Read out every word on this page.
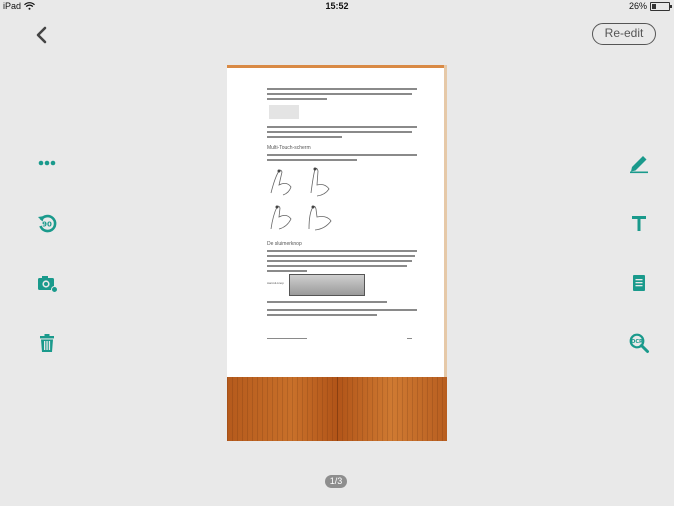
iPad	15:52	26%
Re-edit
90
OCR
Multi-Touch-scherm
De sluimerknop
Aan/uit-knop
1/3
